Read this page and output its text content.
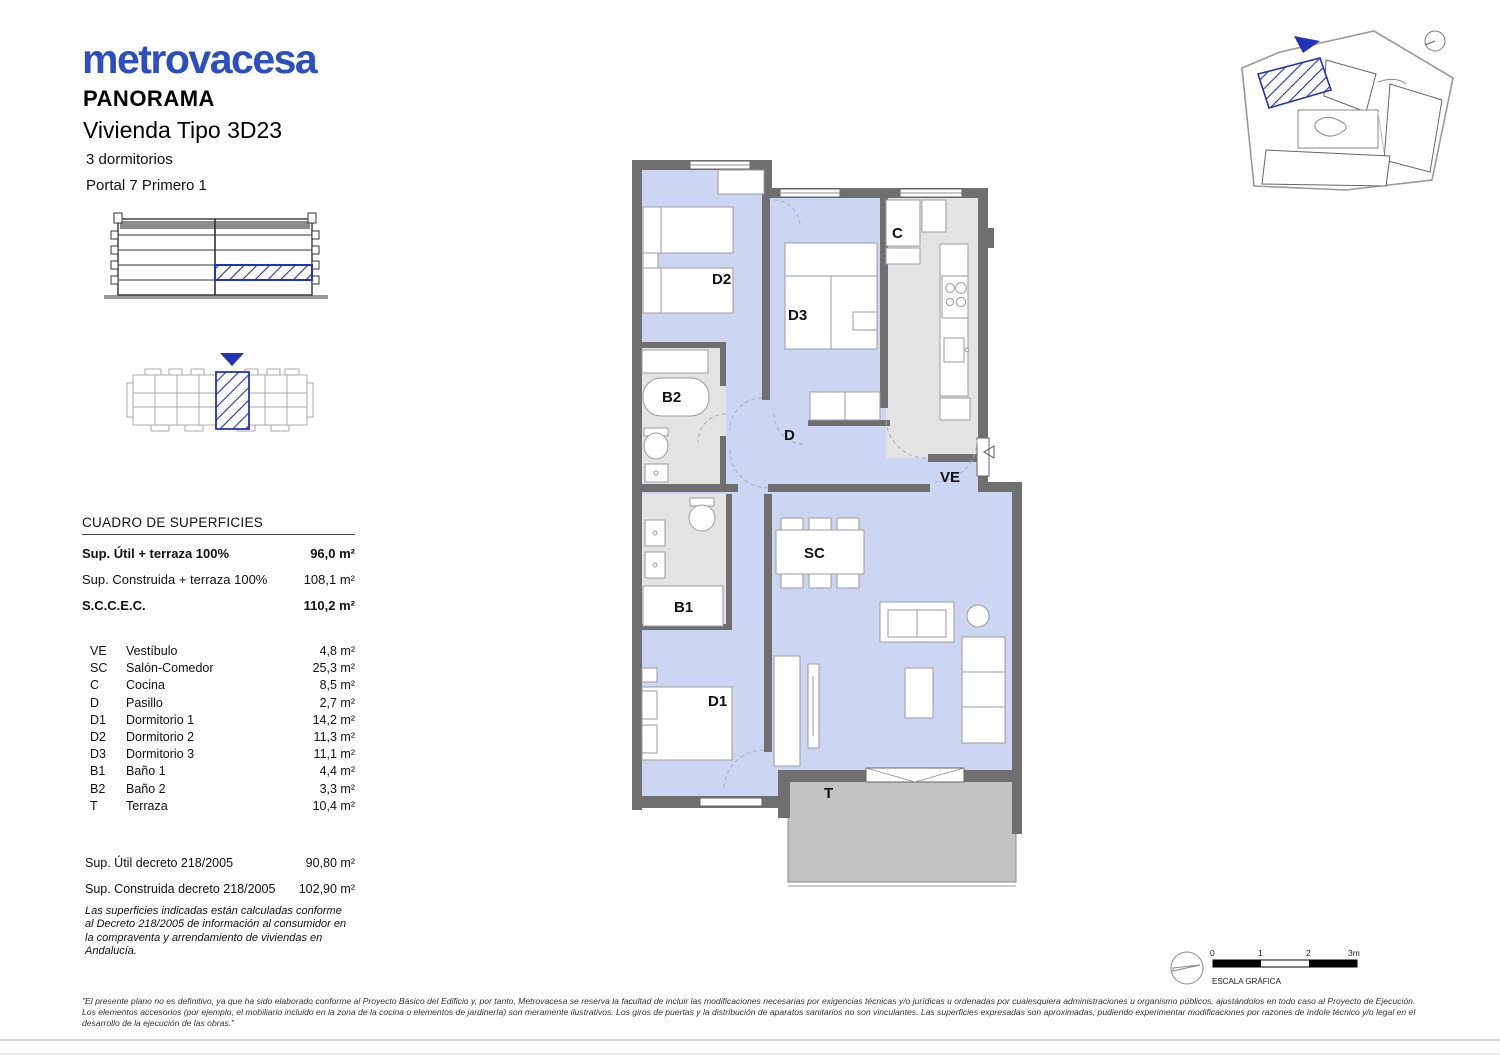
metrovacesa
PANORAMA
Vivienda Tipo 3D23
3 dormitorios
Portal 7 Primero 1
CUADRO DE SUPERFICIES
Sup. Útil + terraza 100%	96,0 m²
Sup. Construida + terraza 100%	108,1 m²
S.C.C.E.C.	110,2 m²
VE	Vestíbulo	4,8 m²
SC	Salón-Comedor	25,3 m²
C	Cocina	8,5 m²
D	Pasillo	2,7 m²
D1	Dormitorio 1	14,2 m²
D2	Dormitorio 2	11,3 m²
D3	Dormitorio 3	11,1 m²
B1	Baño 1	4,4 m²
B2	Baño 2	3,3 m²
T	Terraza	10,4 m²
Sup. Útil decreto 218/2005	90,80 m²
Sup. Construida decreto 218/2005 102,90 m²
Las superficies indicadas están calculadas conforme al Decreto 218/2005 de información al consumidor en la compraventa y arrendamiento de viviendas en Andalucía.
D2
D3
C
B2
D
VE
SC
B1
D1
T
0	1	2	3m
ESCALA GRÁFICA
"El presente plano no es definitivo, ya que ha sido elaborado conforme al Proyecto Básico del Edificio y, por tanto, Metrovacesa se reserva la facultad de incluir las modificaciones necesarias por exigencias técnicas y/o jurídicas u ordenadas por cualesquiera administraciones u organismo públicos, ajustándolos en todo caso al Proyecto de Ejecución. Los elementos accesorios (por ejemplo, el mobiliario incluido en la zona de la cocina o elementos de jardinería) son meramente ilustrativos. Los giros de puertas y la distribución de aparatos sanitarios no son vinculantes. Las superficies expresadas son aproximadas, pudiendo experimentar modificaciones por razones de índole técnico y/o legal en el desarrollo de la ejecución de las obras."
